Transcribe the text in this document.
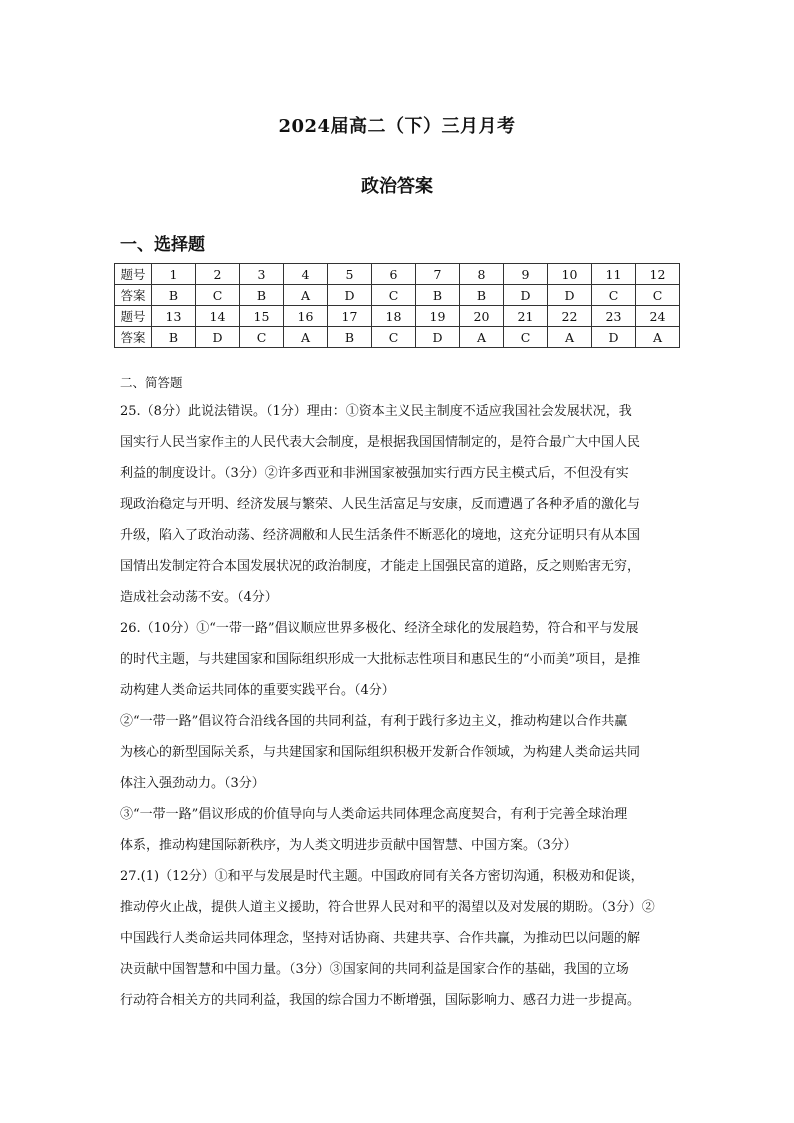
2024届高二（下）三月月考
政治答案
一、选择题
题号	1	2	3	4	5	6	7	8	9	10	11	12
答案	B	C	B	A	D	C	B	B	D	D	C	C
题号	13	14	15	16	17	18	19	20	21	22	23	24
答案	B	D	C	A	B	C	D	A	C	A	D	A
二、简答题
25.（8分）此说法错误。（1分）理由：①资本主义民主制度不适应我国社会发展状况，我
国实行人民当家作主的人民代表大会制度，是根据我国国情制定的，是符合最广大中国人民
利益的制度设计。（3分）②许多西亚和非洲国家被强加实行西方民主模式后，不但没有实
现政治稳定与开明、经济发展与繁荣、人民生活富足与安康，反而遭遇了各种矛盾的激化与
升级，陷入了政治动荡、经济凋敝和人民生活条件不断恶化的境地，这充分证明只有从本国
国情出发制定符合本国发展状况的政治制度，才能走上国强民富的道路，反之则贻害无穷，
造成社会动荡不安。（4分）
26.（10分）①“一带一路”倡议顺应世界多极化、经济全球化的发展趋势，符合和平与发展
的时代主题，与共建国家和国际组织形成一大批标志性项目和惠民生的“小而美”项目，是推
动构建人类命运共同体的重要实践平台。（4分）
②“一带一路”倡议符合沿线各国的共同利益，有利于践行多边主义，推动构建以合作共赢
为核心的新型国际关系，与共建国家和国际组织积极开发新合作领域，为构建人类命运共同
体注入强劲动力。（3分）
③“一带一路”倡议形成的价值导向与人类命运共同体理念高度契合，有利于完善全球治理
体系，推动构建国际新秩序，为人类文明进步贡献中国智慧、中国方案。（3分）
27.(1)（12分）①和平与发展是时代主题。中国政府同有关各方密切沟通，积极劝和促谈，
推动停火止战，提供人道主义援助，符合世界人民对和平的渴望以及对发展的期盼。（3分）②
中国践行人类命运共同体理念，坚持对话协商、共建共享、合作共赢，为推动巴以问题的解
决贡献中国智慧和中国力量。（3分）③国家间的共同利益是国家合作的基础，我国的立场
行动符合相关方的共同利益，我国的综合国力不断增强，国际影响力、感召力进一步提高。
